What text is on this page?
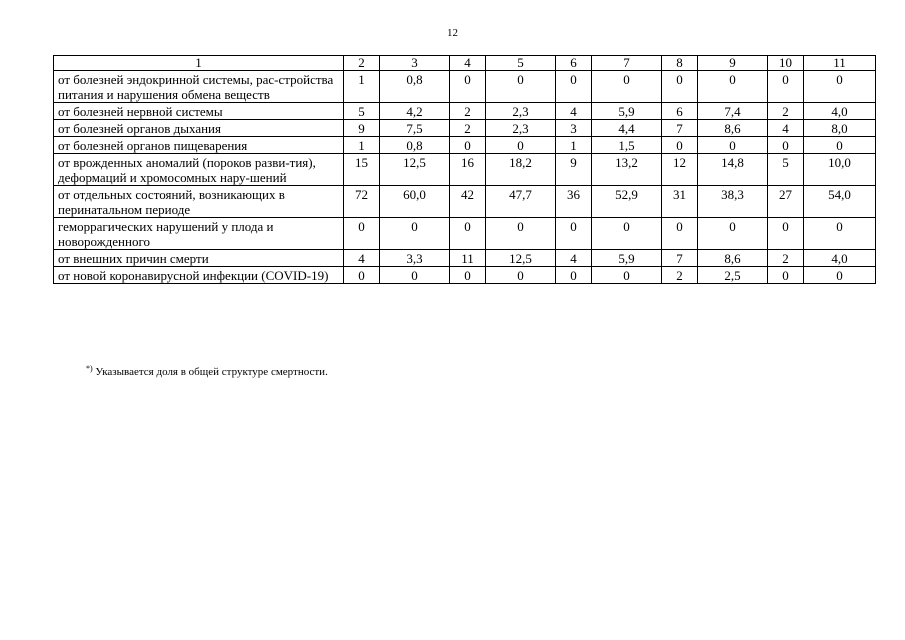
12
1	2	3	4	5	6	7	8	9	10	11
от болезней эндокринной системы, рас-стройства питания и нарушения обмена веществ	1	0,8	0	0	0	0	0	0	0	0
от болезней нервной системы	5	4,2	2	2,3	4	5,9	6	7,4	2	4,0
от болезней органов дыхания	9	7,5	2	2,3	3	4,4	7	8,6	4	8,0
от болезней органов пищеварения	1	0,8	0	0	1	1,5	0	0	0	0
от врожденных аномалий (пороков разви-тия), деформаций и хромосомных нару-шений	15	12,5	16	18,2	9	13,2	12	14,8	5	10,0
от отдельных состояний, возникающих в перинатальном периоде	72	60,0	42	47,7	36	52,9	31	38,3	27	54,0
геморрагических нарушений у плода и новорожденного	0	0	0	0	0	0	0	0	0	0
от внешних причин смерти	4	3,3	11	12,5	4	5,9	7	8,6	2	4,0
от новой коронавирусной инфекции (COVID-19)	0	0	0	0	0	0	2	2,5	0	0
*) Указывается доля в общей структуре смертности.
